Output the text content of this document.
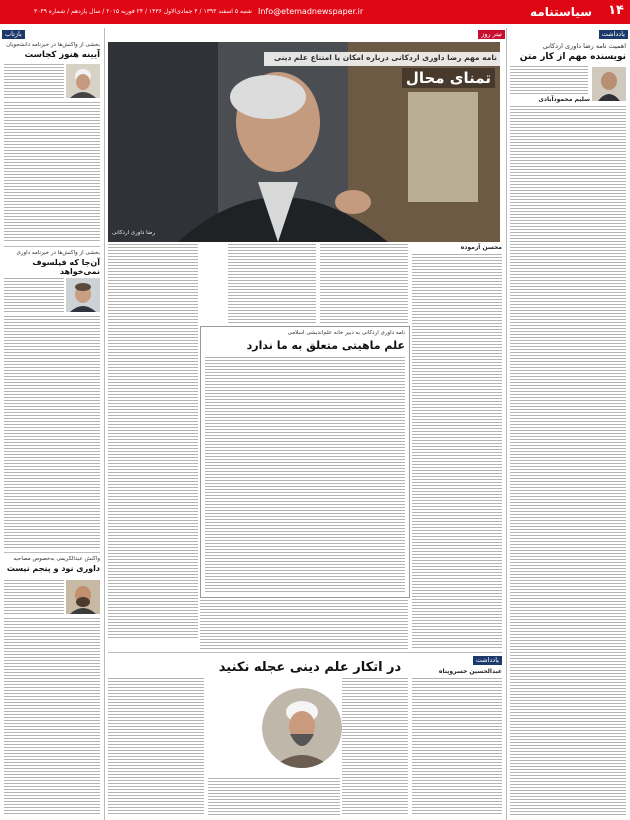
۱۴
سیاستنامه
Info@etemadnewspaper.ir
شنبه ۵ اسفند ۱۳۹۳ / ۴ جمادی‌الاول ۱۴۳۶ / ۲۴ فوریه ۲۰۱۵ / سال یازدهم / شماره ۳۰۴۹
یادداشت
تیتر روز
بازتاب
اهمیت نامه رضا داوری اردکانی
نویسنده مهم از کار متن
سلیم محمودآبادی
نامه مهم رضا داوری اردکانی درباره امکان یا امتناع علم دینی
تمنای محال
رضا داوری اردکانی
محسن آزموده
نامه داوری اردکانی به دبیر خانه علم‌اندیشی اسلامی
علم ماهیتی متعلق به ما ندارد
یادداشت
عبدالحسین خسروپناه
در اتکار علم دینی عجله نکنید
بخشی از واکنش‌ها در خبرنامه دانشجویان
آیینه هنوز کجاست
بخشی از واکنش‌ها در خبرنامه داوری
آن‌جا که فیلسوف نمی‌خواهد
واکنش عبدالکریمی به‌خصوص مصاحبه
داوری نود و پنجم نیست
